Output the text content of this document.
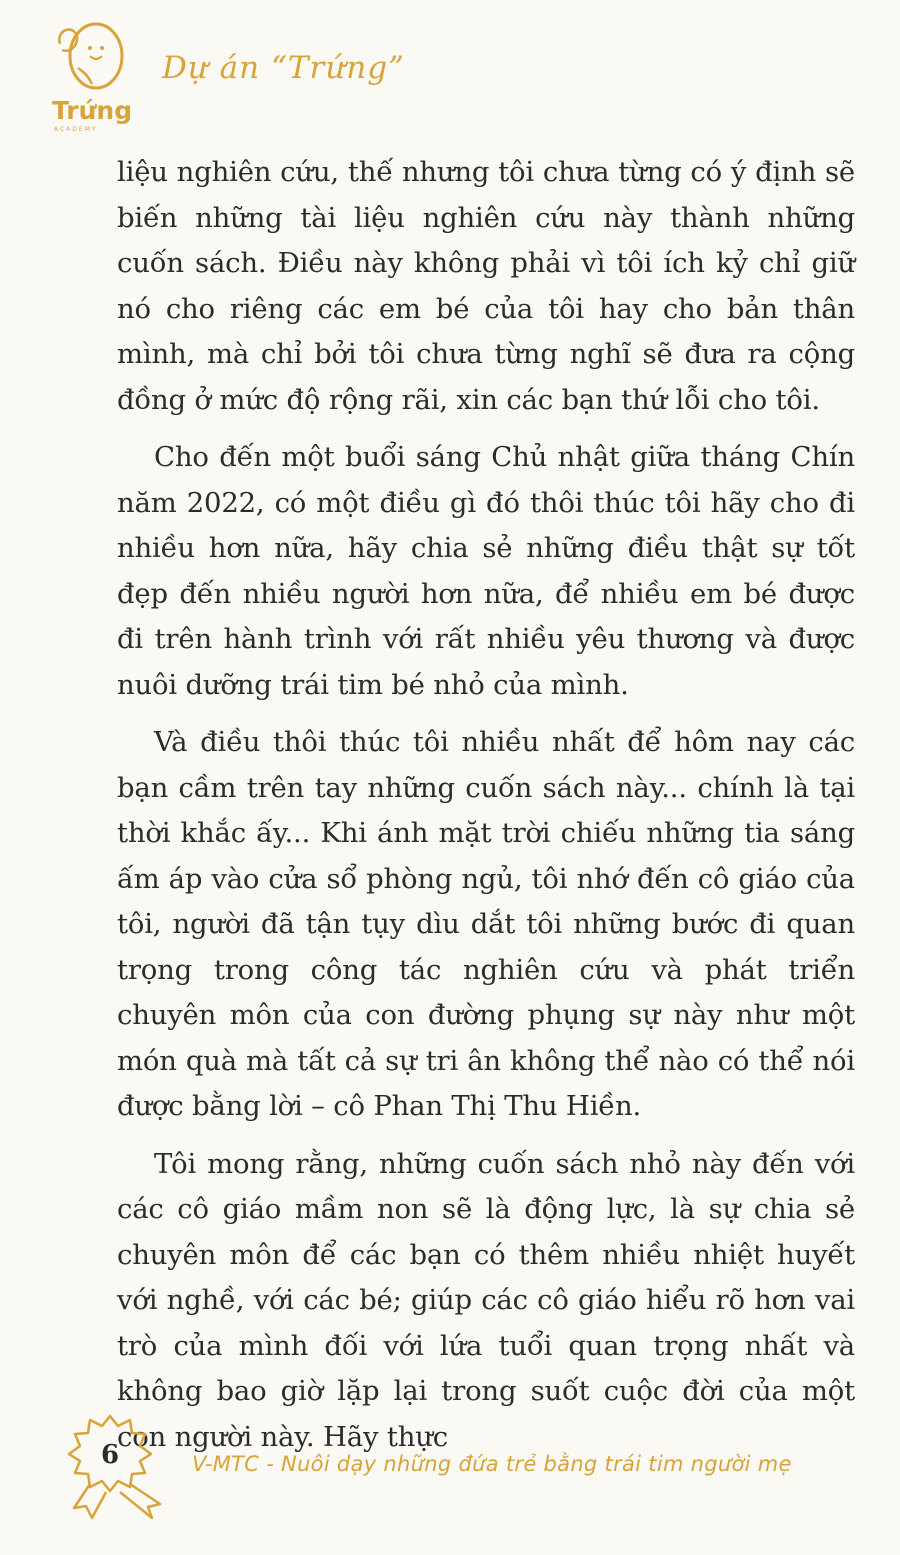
Trứng
ACADEMY
Dự án “Trứng”

liệu nghiên cứu, thế nhưng tôi chưa từng có ý định sẽ biến những tài liệu nghiên cứu này thành những cuốn sách. Điều này không phải vì tôi ích kỷ chỉ giữ nó cho riêng các em bé của tôi hay cho bản thân mình, mà chỉ bởi tôi chưa từng nghĩ sẽ đưa ra cộng đồng ở mức độ rộng rãi, xin các bạn thứ lỗi cho tôi.

Cho đến một buổi sáng Chủ nhật giữa tháng Chín năm 2022, có một điều gì đó thôi thúc tôi hãy cho đi nhiều hơn nữa, hãy chia sẻ những điều thật sự tốt đẹp đến nhiều người hơn nữa, để nhiều em bé được đi trên hành trình với rất nhiều yêu thương và được nuôi dưỡng trái tim bé nhỏ của mình.

Và điều thôi thúc tôi nhiều nhất để hôm nay các bạn cầm trên tay những cuốn sách này... chính là tại thời khắc ấy... Khi ánh mặt trời chiếu những tia sáng ấm áp vào cửa sổ phòng ngủ, tôi nhớ đến cô giáo của tôi, người đã tận tụy dìu dắt tôi những bước đi quan trọng trong công tác nghiên cứu và phát triển chuyên môn của con đường phụng sự này như một món quà mà tất cả sự tri ân không thể nào có thể nói được bằng lời – cô Phan Thị Thu Hiền.

Tôi mong rằng, những cuốn sách nhỏ này đến với các cô giáo mầm non sẽ là động lực, là sự chia sẻ chuyên môn để các bạn có thêm nhiều nhiệt huyết với nghề, với các bé; giúp các cô giáo hiểu rõ hơn vai trò của mình đối với lứa tuổi quan trọng nhất và không bao giờ lặp lại trong suốt cuộc đời của một con người này. Hãy thực

6	V-MTC - Nuôi dạy những đứa trẻ bằng trái tim người mẹ
